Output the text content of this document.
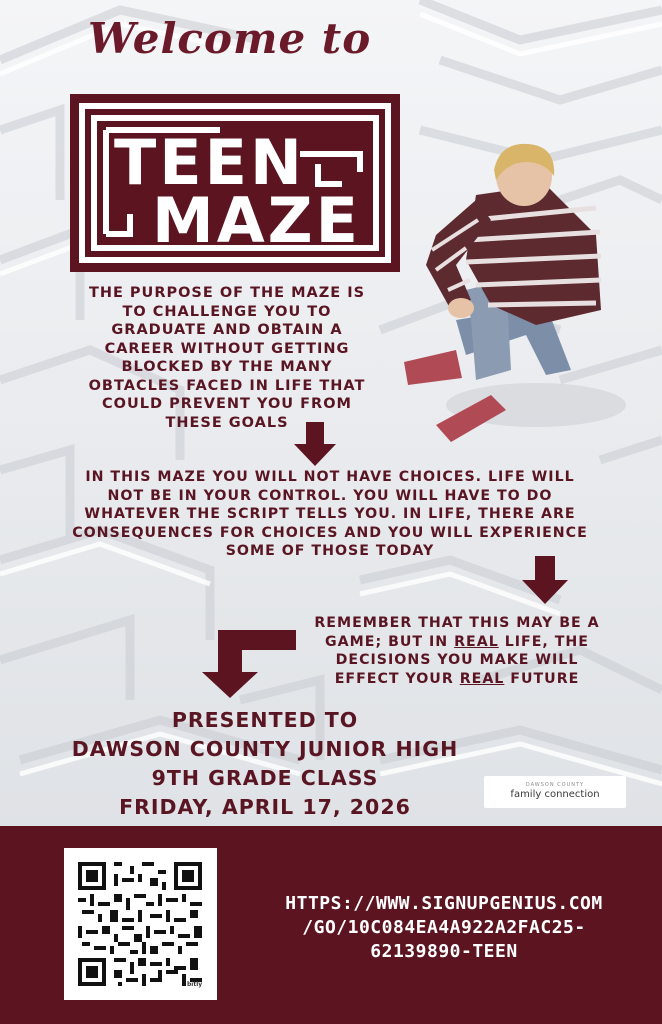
Welcome to
TEEN
MAZE
THE PURPOSE OF THE MAZE IS TO CHALLENGE YOU TO GRADUATE AND OBTAIN A CAREER WITHOUT GETTING BLOCKED BY THE MANY OBTACLES FACED IN LIFE THAT COULD PREVENT YOU FROM THESE GOALS
IN THIS MAZE YOU WILL NOT HAVE CHOICES. LIFE WILL NOT BE IN YOUR CONTROL. YOU WILL HAVE TO DO WHATEVER THE SCRIPT TELLS YOU. IN LIFE, THERE ARE CONSEQUENCES FOR CHOICES AND YOU WILL EXPERIENCE SOME OF THOSE TODAY
REMEMBER THAT THIS MAY BE A GAME; BUT IN REAL LIFE, THE DECISIONS YOU MAKE WILL EFFECT YOUR REAL FUTURE
PRESENTED TO
DAWSON COUNTY JUNIOR HIGH
9TH GRADE CLASS
FRIDAY, APRIL 17, 2026
DAWSON COUNTY
family connection
bitly
HTTPS://WWW.SIGNUPGENIUS.COM
/GO/10C084EA4A922A2FAC25-
62139890-TEEN
